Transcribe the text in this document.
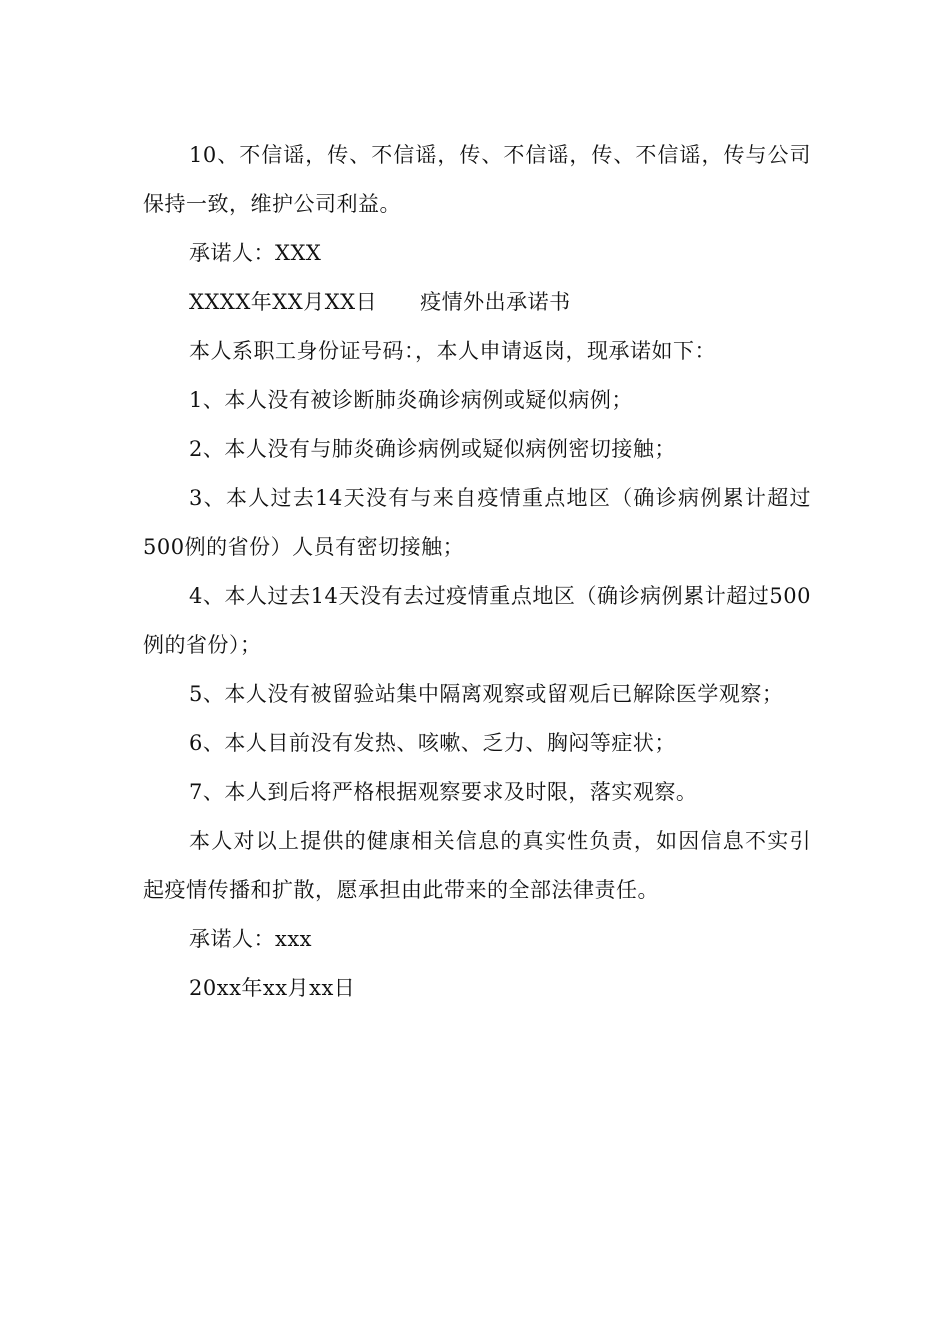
10、不信谣，传、不信谣，传、不信谣，传、不信谣，传与公司保持一致，维护公司利益。

承诺人：XXX

XXXX年XX月XX日      疫情外出承诺书

本人系职工身份证号码：，本人申请返岗，现承诺如下：

1、本人没有被诊断肺炎确诊病例或疑似病例；

2、本人没有与肺炎确诊病例或疑似病例密切接触；

3、本人过去14天没有与来自疫情重点地区（确诊病例累计超过500例的省份）人员有密切接触；

4、本人过去14天没有去过疫情重点地区（确诊病例累计超过500例的省份）；

5、本人没有被留验站集中隔离观察或留观后已解除医学观察；

6、本人目前没有发热、咳嗽、乏力、胸闷等症状；

7、本人到后将严格根据观察要求及时限，落实观察。

本人对以上提供的健康相关信息的真实性负责，如因信息不实引起疫情传播和扩散，愿承担由此带来的全部法律责任。

承诺人：xxx

20xx年xx月xx日
